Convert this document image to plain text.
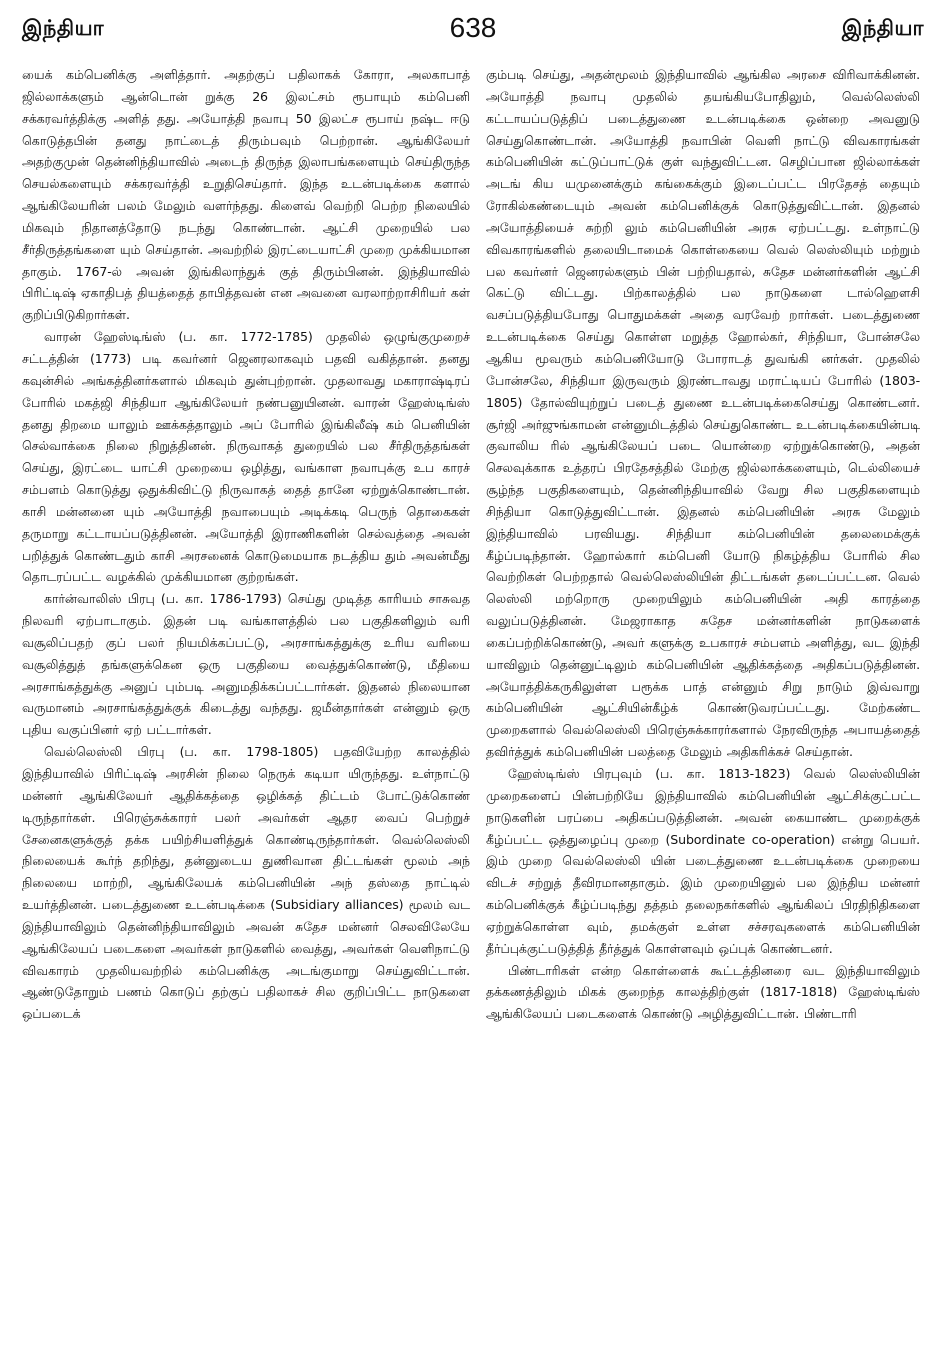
இந்தியா	638	இந்தியா

யைக் கம்பெனிக்கு அளித்தார். அதற்குப் பதிலாகக் கோரா, அலகாபாத் ஜில்லாக்களும் ஆன்டொன் றுக்கு 26 இலட்சம் ரூபாயும் கம்பெனி சக்கரவர்த்திக்கு அளித் தது. அயோத்தி நவாபு 50 இலட்ச ரூபாய் நஷ்ட ஈடு கொடுத்தபின் தனது நாட்டைத் திரும்பவும் பெற்றான். ஆங்கிலேயர் அதற்குமுன் தென்னிந்தியாவில் அடைந் திருந்த இலாபங்களையும் செய்திருந்த செயல்களையும் சக்கரவர்த்தி உறுதிசெய்தார். இந்த உடன்படிக்கை களால் ஆங்கிலேயரின் பலம் மேலும் வளர்ந்தது. கிளைவ் வெற்றி பெற்ற நிலையில் மிகவும் நிதானத்தோடு நடந்து கொண்டான். ஆட்சி முறையில் பல சீர்திருத்தங்களை யும் செய்தான். அவற்றில் இரட்டையாட்சி முறை முக்கியமான தாகும். 1767-ல் அவன் இங்கிலாந்துக் குத் திரும்பினன். இந்தியாவில் பிரிட்டிஷ் ஏகாதிபத் தியத்தைத் தாபித்தவன் என அவனை வரலாற்றாசிரியர் கள் குறிப்பிடுகிறார்கள்.

வாரன் ஹேஸ்டிங்ஸ் (ப. கா. 1772-1785) முதலில் ஒழுங்குமுறைச் சட்டத்தின் (1773) படி கவர்னர் ஜெனரலாகவும் பதவி வகித்தான். தனது கவுன்சில் அங்கத்தினர்களால் மிகவும் துன்புற்றான். முதலாவது மகாராஷ்டிரப் போரில் மகத்ஜி சிந்தியா ஆங்கிலேயர் நண்பனுயினன். வாரன் ஹேஸ்டிங்ஸ் தனது திறமை யாலும் ஊக்கத்தாலும் அப் போரில் இங்கிலீஷ் கம் பெனியின் செல்வாக்கை நிலை நிறுத்தினன். நிருவாகத் துறையில் பல சீர்திருத்தங்கள் செய்து, இரட்டை யாட்சி முறையை ஒழித்து, வங்காள நவாபுக்கு உப காரச் சம்பளம் கொடுத்து ஒதுக்கிவிட்டு நிருவாகத் தைத் தானே ஏற்றுக்கொண்டான். காசி மன்னனை யும் அயோத்தி நவாபையும் அடிக்கடி பெருந் தொகைகள் தருமாறு கட்டாயப்படுத்தினன். அயோத்தி இராணிகளின் செல்வத்தை அவன் பறித்துக் கொண்டதும் காசி அரசனைக் கொடுமையாக நடத்திய தும் அவன்மீது தொடரப்பட்ட வழக்கில் முக்கியமான குற்றங்கள்.

கார்ன்வாலிஸ் பிரபு (ப. கா. 1786-1793) செய்து முடித்த காரியம் சாசுவத நிலவரி ஏற்பாடாகும். இதன் படி வங்காளத்தில் பல பகுதிகளிலும் வரி வசூலிப்பதற் குப் பலர் நியமிக்கப்பட்டு, அரசாங்கத்துக்கு உரிய வரியை வசூலித்துத் தங்களுக்கென ஒரு பகுதியை வைத்துக்கொண்டு, மீதியை அரசாங்கத்துக்கு அனுப் பும்படி அனுமதிக்கப்பட்டார்கள். இதனல் நிலையான வருமானம் அரசாங்கத்துக்குக் கிடைத்து வந்தது. ஜமீன்தார்கள் என்னும் ஒரு புதிய வகுப்பினர் ஏற் பட்டார்கள்.

வெல்லெஸ்லி பிரபு (ப. கா. 1798-1805) பதவியேற்ற காலத்தில் இந்தியாவில் பிரிட்டிஷ் அரசின் நிலை நெருக் கடியா யிருந்தது. உள்நாட்டு மன்னர் ஆங்கிலேயர் ஆதிக்கத்தை ஒழிக்கத் திட்டம் போட்டுக்கொண் டிருந்தார்கள். பிரெஞ்சுக்காரர் பலர் அவர்கள் ஆதர வைப் பெற்றுச் சேனைகளுக்குத் தக்க பயிற்சியளித்துக் கொண்டிருந்தார்கள். வெல்லெஸ்லி நிலையைக் கூர்ந் தறிந்து, தன்னுடைய துணிவான திட்டங்கள் மூலம் அந் நிலையை மாற்றி, ஆங்கிலேயக் கம்பெனியின் அந் தஸ்தை நாட்டில் உயர்த்தினன். படைத்துணை உடன்படிக்கை (Subsidiary alliances) மூலம் வட இந்தியாவிலும் தென்னிந்தியாவிலும் அவன் சுதேச மன்னர் செலவிலேயே ஆங்கிலேயப் படைகளை அவர்கள் நாடுகளில் வைத்து, அவர்கள் வெளிநாட்டு விவகாரம் முதலியவற்றில் கம்பெனிக்கு அடங்குமாறு செய்துவிட்டான். ஆண்டுதோறும் பணம் கொடுப் தற்குப் பதிலாகச் சில குறிப்பிட்ட நாடுகளை ஒப்படைக்

கும்படி செய்து, அதன்மூலம் இந்தியாவில் ஆங்கில அரசை விரிவாக்கினன். அயோத்தி நவாபு முதலில் தயங்கியபோதிலும், வெல்லெஸ்லி கட்டாயப்படுத்திப் படைத்துணை உடன்படிக்கை ஒன்றை அவனுடு செய்துகொண்டான். அயோத்தி நவாபின் வெளி நாட்டு விவகாரங்கள் கம்பெனியின் கட்டுப்பாட்டுக் குள் வந்துவிட்டன. செழிப்பான ஜில்லாக்கள் அடங் கிய யமுனைக்கும் கங்கைக்கும் இடைப்பட்ட பிரதேசத் தையும் ரோகில்கண்டையும் அவன் கம்பெனிக்குக் கொடுத்துவிட்டான். இதனல் அயோத்தியைச் சுற்றி லும் கம்பெனியின் அரசு ஏற்பட்டது. உள்நாட்டு விவகாரங்களில் தலையிடாமைக் கொள்கையை வெல் லெஸ்லியும் மற்றும் பல கவர்னர் ஜெனரல்களும் பின் பற்றியதால், சுதேச மன்னர்களின் ஆட்சி கெட்டு விட்டது. பிற்காலத்தில் பல நாடுகளை டால்ஹௌசி வசப்படுத்தியபோது பொதுமக்கள் அதை வரவேற் றார்கள். படைத்துணை உடன்படிக்கை செய்து கொள்ள மறுத்த ஹோல்கர், சிந்தியா, போன்சலே ஆகிய மூவரும் கம்பெனியோடு போராடத் துவங்கி னர்கள். முதலில் போன்சலே, சிந்தியா இருவரும் இரண்டாவது மராட்டியப் போரில் (1803-1805) தோல்வியுற்றுப் படைத் துணை உடன்படிக்கைசெய்து கொண்டனர். சூர்ஜி அர்ஜுங்காமன் என்னுமிடத்தில் செய்துகொண்ட உடன்படிக்கையின்படி குவாலிய ரில் ஆங்கிலேயப் படை யொன்றை ஏற்றுக்கொண்டு, அதன் செலவுக்காக உத்தரப் பிரதேசத்தில் மேற்கு ஜில்லாக்களையும், டெல்லியைச் சூழ்ந்த பகுதிகளையும், தென்னிந்தியாவில் வேறு சில பகுதிகளையும் சிந்தியா கொடுத்துவிட்டான். இதனல் கம்பெனியின் அரசு மேலும் இந்தியாவில் பரவியது. சிந்தியா கம்பெனியின் தலைமைக்குக் கீழ்ப்படிந்தான். ஹோல்கார் கம்பெனி யோடு நிகழ்த்திய போரில் சில வெற்றிகள் பெற்றதால் வெல்லெஸ்லியின் திட்டங்கள் தடைப்பட்டன. வெல் லெஸ்லி மற்றொரு முறையிலும் கம்பெனியின் அதி காரத்தை வலுப்படுத்தினன். மேஜராகாத சுதேச மன்னர்களின் நாடுகளைக் கைப்பற்றிக்கொண்டு, அவர் களுக்கு உபகாரச் சம்பளம் அளித்து, வட இந்தி யாவிலும் தென்னுட்டிலும் கம்பெனியின் ஆதிக்கத்தை அதிகப்படுத்தினன். அயோத்திக்கருகிலுள்ள பரூக்க பாத் என்னும் சிறு நாடும் இவ்வாறு கம்பெனியின் ஆட்சியின்கீழ்க் கொண்டுவரப்பட்டது. மேற்கண்ட முறைகளால் வெல்லெஸ்லி பிரெஞ்சுக்காரர்களால் நேரவிருந்த அபாயத்தைத் தவிர்த்துக் கம்பெனியின் பலத்தை மேலும் அதிகரிக்கச் செய்தான்.

ஹேஸ்டிங்ஸ் பிரபுவும் (ப. கா. 1813-1823) வெல் லெஸ்லியின் முறைகளைப் பின்பற்றியே இந்தியாவில் கம்பெனியின் ஆட்சிக்குட்பட்ட நாடுகளின் பரப்பை அதிகப்படுத்தினன். அவன் கையாண்ட முறைக்குக் கீழ்ப்பட்ட ஒத்துழைப்பு முறை (Subordinate co-operation) என்று பெயர். இம் முறை வெல்லெஸ்லி யின் படைத்துணை உடன்படிக்கை முறையை விடச் சற்றுத் தீவிரமானதாகும். இம் முறையினுல் பல இந்திய மன்னர் கம்பெனிக்குக் கீழ்ப்படிந்து தத்தம் தலைநகர்களில் ஆங்கிலப் பிரதிநிதிகளை ஏற்றுக்கொள்ள வும், தமக்குள் உள்ள சச்சரவுகளைக் கம்பெனியின் தீர்ப்புக்குட்படுத்தித் தீர்த்துக் கொள்ளவும் ஒப்புக் கொண்டனர்.

பிண்டாரிகள் என்ற கொள்ளைக் கூட்டத்தினரை வட இந்தியாவிலும் தக்கணத்திலும் மிகக் குறைந்த காலத்திற்குள் (1817-1818) ஹேஸ்டிங்ஸ் ஆங்கிலேயப் படைகளைக் கொண்டு அழித்துவிட்டான். பிண்டாரி
